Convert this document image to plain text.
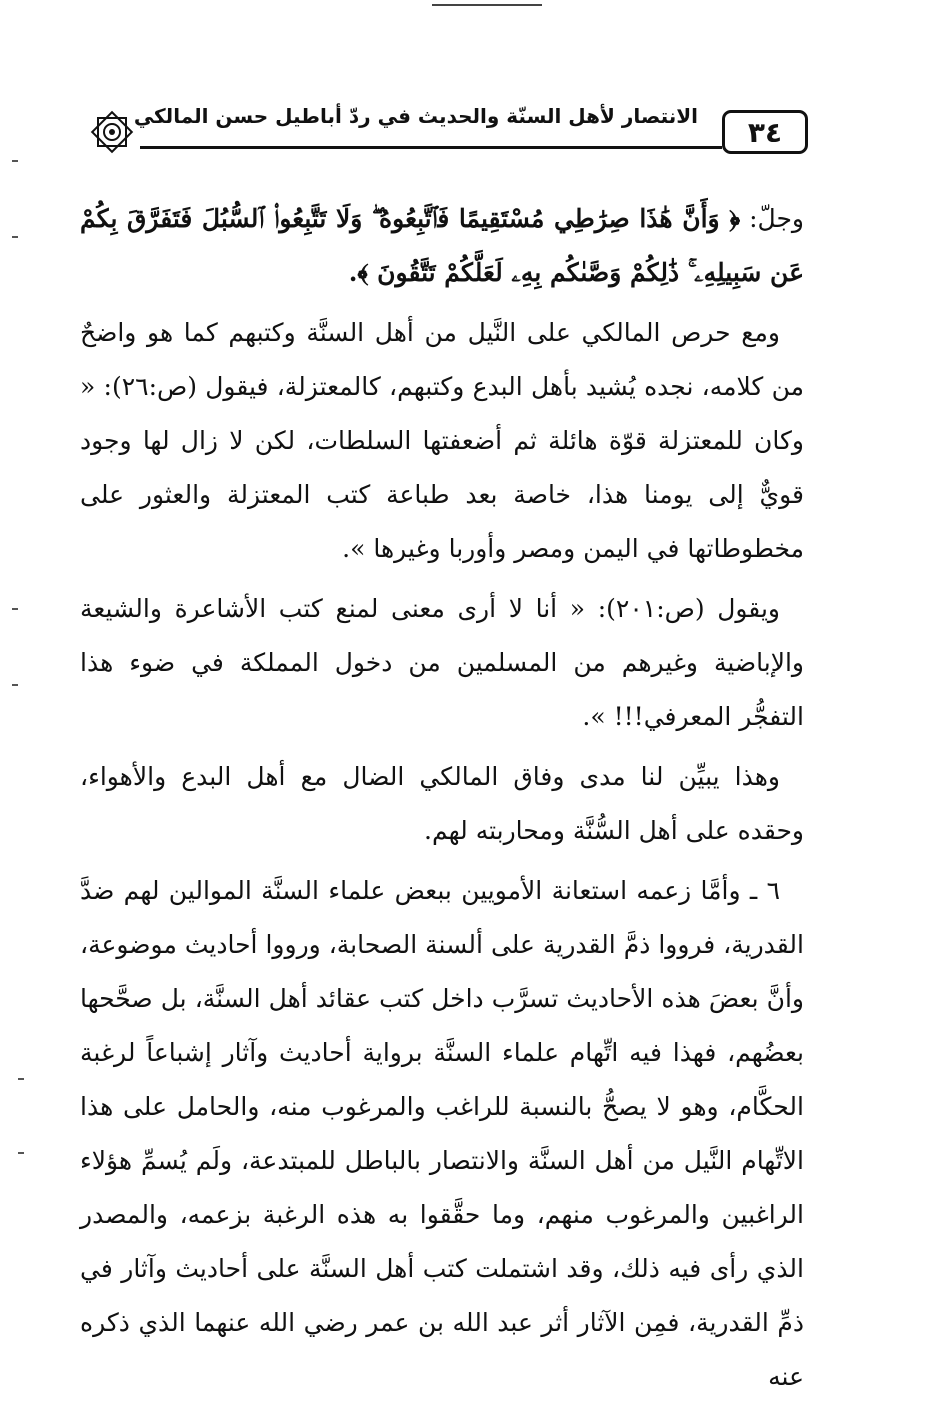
٣٤
الانتصار لأهل السنّة والحديث في ردّ أباطيل حسن المالكي

وجلّ: ﴿ وَأَنَّ هَٰذَا صِرَٰطِي مُسْتَقِيمًا فَٱتَّبِعُوهُ ۖ وَلَا تَتَّبِعُوا۟ ٱلسُّبُلَ فَتَفَرَّقَ بِكُمْ عَن سَبِيلِهِۦ ۚ ذَٰلِكُمْ وَصَّىٰكُم بِهِۦ لَعَلَّكُمْ تَتَّقُونَ ﴾.

ومع حرص المالكي على النَّيل من أهل السنَّة وكتبهم كما هو واضحٌ من كلامه، نجده يُشيد بأهل البدع وكتبهم، كالمعتزلة، فيقول (ص:٢٦): « وكان للمعتزلة قوّة هائلة ثم أضعفتها السلطات، لكن لا زال لها وجود قويٌّ إلى يومنا هذا، خاصة بعد طباعة كتب المعتزلة والعثور على مخطوطاتها في اليمن ومصر وأوربا وغيرها ».

ويقول (ص:٢٠١): « أنا لا أرى معنى لمنع كتب الأشاعرة والشيعة والإباضية وغيرهم من المسلمين من دخول المملكة في ضوء هذا التفجُّر المعرفي!!! ».

وهذا يبيِّن لنا مدى وفاق المالكي الضال مع أهل البدع والأهواء، وحقده على أهل السُّنَّة ومحاربته لهم.

٦ ـ وأمَّا زعمه استعانة الأمويين ببعض علماء السنَّة الموالين لهم ضدَّ القدرية، فرووا ذمَّ القدرية على ألسنة الصحابة، ورووا أحاديث موضوعة، وأنَّ بعضَ هذه الأحاديث تسرَّب داخل كتب عقائد أهل السنَّة، بل صحَّحها بعضُهم، فهذا فيه اتِّهام علماء السنَّة برواية أحاديث وآثار إشباعاً لرغبة الحكَّام، وهو لا يصحُّ بالنسبة للراغب والمرغوب منه، والحامل على هذا الاتِّهام النَّيل من أهل السنَّة والانتصار بالباطل للمبتدعة، ولَم يُسمِّ هؤلاء الراغبين والمرغوب منهم، وما حقَّقوا به هذه الرغبة بزعمه، والمصدر الذي رأى فيه ذلك، وقد اشتملت كتب أهل السنَّة على أحاديث وآثار في ذمِّ القدرية، فمِن الآثار أثر عبد الله بن عمر رضي الله عنهما الذي ذكره عنه
